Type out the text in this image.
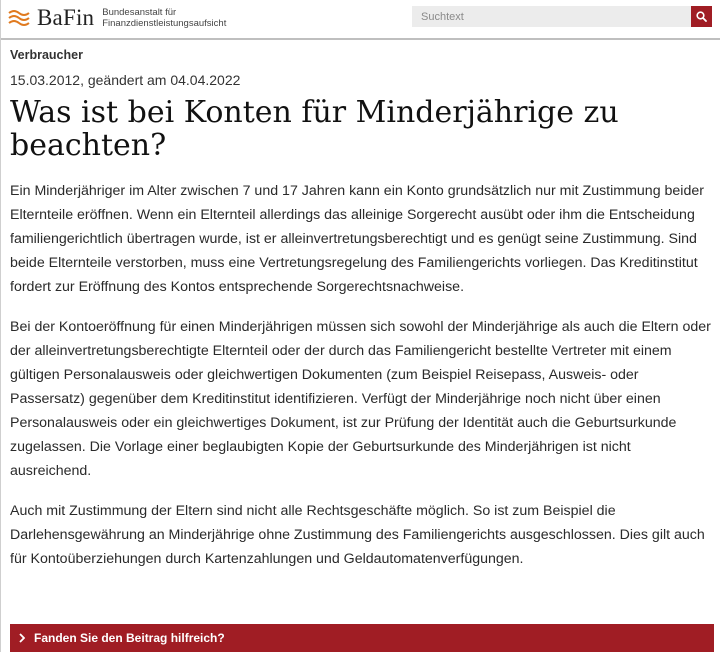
BaFin Bundesanstalt für
Finanzdienstleistungsaufsicht
Suchtext
Verbraucher
15.03.2012, geändert am 04.04.2022
Was ist bei Konten für Minderjährige zu beachten?

Ein Minderjähriger im Alter zwischen 7 und 17 Jahren kann ein Konto grundsätzlich nur mit Zustimmung beider Elternteile eröffnen. Wenn ein Elternteil allerdings das alleinige Sorgerecht ausübt oder ihm die Entscheidung familiengerichtlich übertragen wurde, ist er alleinvertretungsberechtigt und es genügt seine Zustimmung. Sind beide Elternteile verstorben, muss eine Vertretungsregelung des Familiengerichts vorliegen. Das Kreditinstitut fordert zur Eröffnung des Kontos entsprechende Sorgerechtsnachweise.

Bei der Kontoeröffnung für einen Minderjährigen müssen sich sowohl der Minderjährige als auch die Eltern oder der alleinvertretungsberechtigte Elternteil oder der durch das Familiengericht bestellte Vertreter mit einem gültigen Personalausweis oder gleichwertigen Dokumenten (zum Beispiel Reisepass, Ausweis- oder Passersatz) gegenüber dem Kreditinstitut identifizieren. Verfügt der Minderjährige noch nicht über einen Personalausweis oder ein gleichwertiges Dokument, ist zur Prüfung der Identität auch die Geburtsurkunde zugelassen. Die Vorlage einer beglaubigten Kopie der Geburtsurkunde des Minderjährigen ist nicht ausreichend.

Auch mit Zustimmung der Eltern sind nicht alle Rechtsgeschäfte möglich. So ist zum Beispiel die Darlehensgewährung an Minderjährige ohne Zustimmung des Familiengerichts ausgeschlossen. Dies gilt auch für Kontoüberziehungen durch Kartenzahlungen und Geldautomatenverfügungen.

Fanden Sie den Beitrag hilfreich?
